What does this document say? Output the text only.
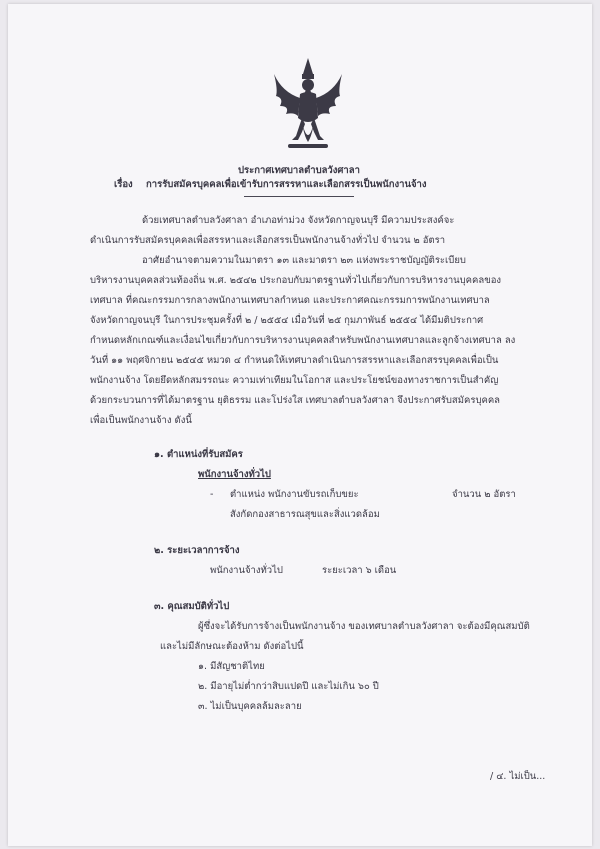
ประกาศเทศบาลตำบลวังศาลา
เรื่อง การรับสมัครบุคคลเพื่อเข้ารับการสรรหาและเลือกสรรเป็นพนักงานจ้าง
ด้วยเทศบาลตำบลวังศาลา อำเภอท่าม่วง จังหวัดกาญจนบุรี มีความประสงค์จะ
ดำเนินการรับสมัครบุคคลเพื่อสรรหาและเลือกสรรเป็นพนักงานจ้างทั่วไป จำนวน ๒ อัตรา
อาศัยอำนาจตามความในมาตรา ๑๓ และมาตรา ๒๓ แห่งพระราชบัญญัติระเบียบ
บริหารงานบุคคลส่วนท้องถิ่น พ.ศ. ๒๕๔๒ ประกอบกับมาตรฐานทั่วไปเกี่ยวกับการบริหารงานบุคคลของ
เทศบาล ที่คณะกรรมการกลางพนักงานเทศบาลกำหนด และประกาศคณะกรรมการพนักงานเทศบาล
จังหวัดกาญจนบุรี ในการประชุมครั้งที่ ๒ / ๒๕๕๔ เมื่อวันที่ ๒๕ กุมภาพันธ์ ๒๕๕๔ ได้มีมติประกาศ
กำหนดหลักเกณฑ์และเงื่อนไขเกี่ยวกับการบริหารงานบุคคลสำหรับพนักงานเทศบาลและลูกจ้างเทศบาล ลง
วันที่ ๑๑ พฤศจิกายน ๒๕๔๕ หมวด ๔ กำหนดให้เทศบาลดำเนินการสรรหาและเลือกสรรบุคคลเพื่อเป็น
พนักงานจ้าง โดยยึดหลักสมรรถนะ ความเท่าเทียมในโอกาส และประโยชน์ของทางราชการเป็นสำคัญ
ด้วยกระบวนการที่ได้มาตรฐาน ยุติธรรม และโปร่งใส เทศบาลตำบลวังศาลา จึงประกาศรับสมัครบุคคล
เพื่อเป็นพนักงานจ้าง ดังนี้
๑. ตำแหน่งที่รับสมัคร
พนักงานจ้างทั่วไป
- ตำแหน่ง พนักงานขับรถเก็บขยะ	จำนวน ๒ อัตรา
สังกัดกองสาธารณสุขและสิ่งแวดล้อม
๒. ระยะเวลาการจ้าง
พนักงานจ้างทั่วไป	ระยะเวลา ๖ เดือน
๓. คุณสมบัติทั่วไป
ผู้ซึ่งจะได้รับการจ้างเป็นพนักงานจ้าง ของเทศบาลตำบลวังศาลา จะต้องมีคุณสมบัติ
และไม่มีลักษณะต้องห้าม ดังต่อไปนี้
๑. มีสัญชาติไทย
๒. มีอายุไม่ต่ำกว่าสิบแปดปี และไม่เกิน ๖๐ ปี
๓. ไม่เป็นบุคคลล้มละลาย
/ ๔. ไม่เป็น...
